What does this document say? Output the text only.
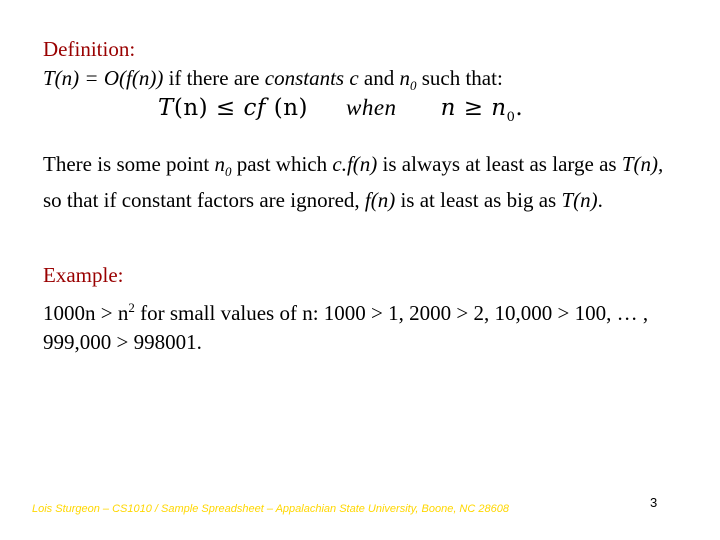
Definition:
T(n) = O(f(n)) if there are constants c and $n_0$ such that:
T(n) ≤ cf (n) when $n \ge n_0$.
There is some point $n_0$ past which c.f(n) is always at least as large as T(n), so that if constant factors are ignored, f(n) is at least as big as T(n).
Example:
$1000n > n^2$ for small values of n: 1000 > 1, 2000 > 2, 10,000 > 100, … , 999,000 > 998001.
Lois Sturgeon – CS1010 / Sample Spreadsheet – Appalachian State University, Boone, NC 28608	3
